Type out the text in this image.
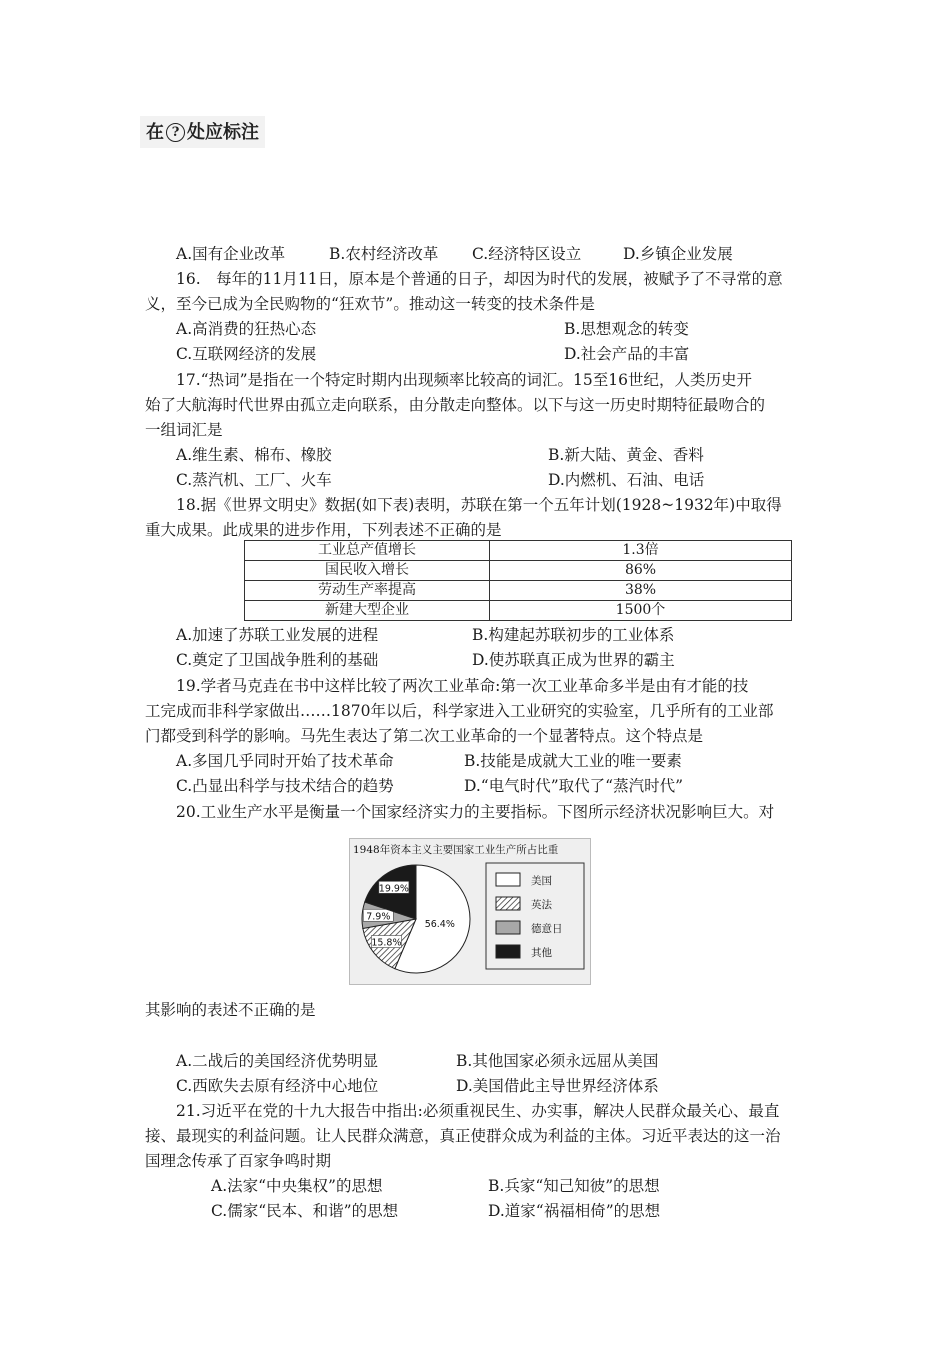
在 ? 处应标注
A.国有企业改革	B.农村经济改革 C.经济特区设立	D.乡镇企业发展
16.　每年的11月11日，原本是个普通的日子，却因为时代的发展，被赋予了不寻常的意
义，至今已成为全民购物的“狂欢节”。推动这一转变的技术条件是
A.高消费的狂热心态	B.思想观念的转变
C.互联网经济的发展	D.社会产品的丰富
17.“热词”是指在一个特定时期内出现频率比较高的词汇。15至16世纪，人类历史开
始了大航海时代世界由孤立走向联系，由分散走向整体。以下与这一历史时期特征最吻合的
一组词汇是
A.维生素、棉布、橡胶	B.新大陆、黄金、香料
C.蒸汽机、工厂、火车	D.内燃机、石油、电话
18.据《世界文明史》数据(如下表)表明，苏联在第一个五年计划(1928~1932年)中取得
重大成果。此成果的进步作用，下列表述不正确的是
工业总产值增长	1.3倍
国民收入增长	86%
劳动生产率提高	38%
新建大型企业	1500个
A.加速了苏联工业发展的进程	B.构建起苏联初步的工业体系
C.奠定了卫国战争胜利的基础	D.使苏联真正成为世界的霸主
19.学者马克垚在书中这样比较了两次工业革命:第一次工业革命多半是由有才能的技
工完成而非科学家做出……1870年以后，科学家进入工业研究的实验室，几乎所有的工业部
门都受到科学的影响。马先生表达了第二次工业革命的一个显著特点。这个特点是
A.多国几乎同时开始了技术革命	B.技能是成就大工业的唯一要素
C.凸显出科学与技术结合的趋势	D.“电气时代”取代了“蒸汽时代”
20.工业生产水平是衡量一个国家经济实力的主要指标。下图所示经济状况影响巨大。对
1948年资本主义主要国家工业生产所占比重
56.4%
15.8%
7.9%
19.9%
美国
英法
德意日
其他
其影响的表述不正确的是
A.二战后的美国经济优势明显	B.其他国家必须永远屈从美国
C.西欧失去原有经济中心地位	D.美国借此主导世界经济体系
21.习近平在党的十九大报告中指出:必须重视民生、办实事，解决人民群众最关心、最直
接、最现实的利益问题。让人民群众满意，真正使群众成为利益的主体。习近平表达的这一治
国理念传承了百家争鸣时期
A.法家“中央集权”的思想	B.兵家“知己知彼”的思想
C.儒家“民本、和谐”的思想	D.道家“祸福相倚”的思想
